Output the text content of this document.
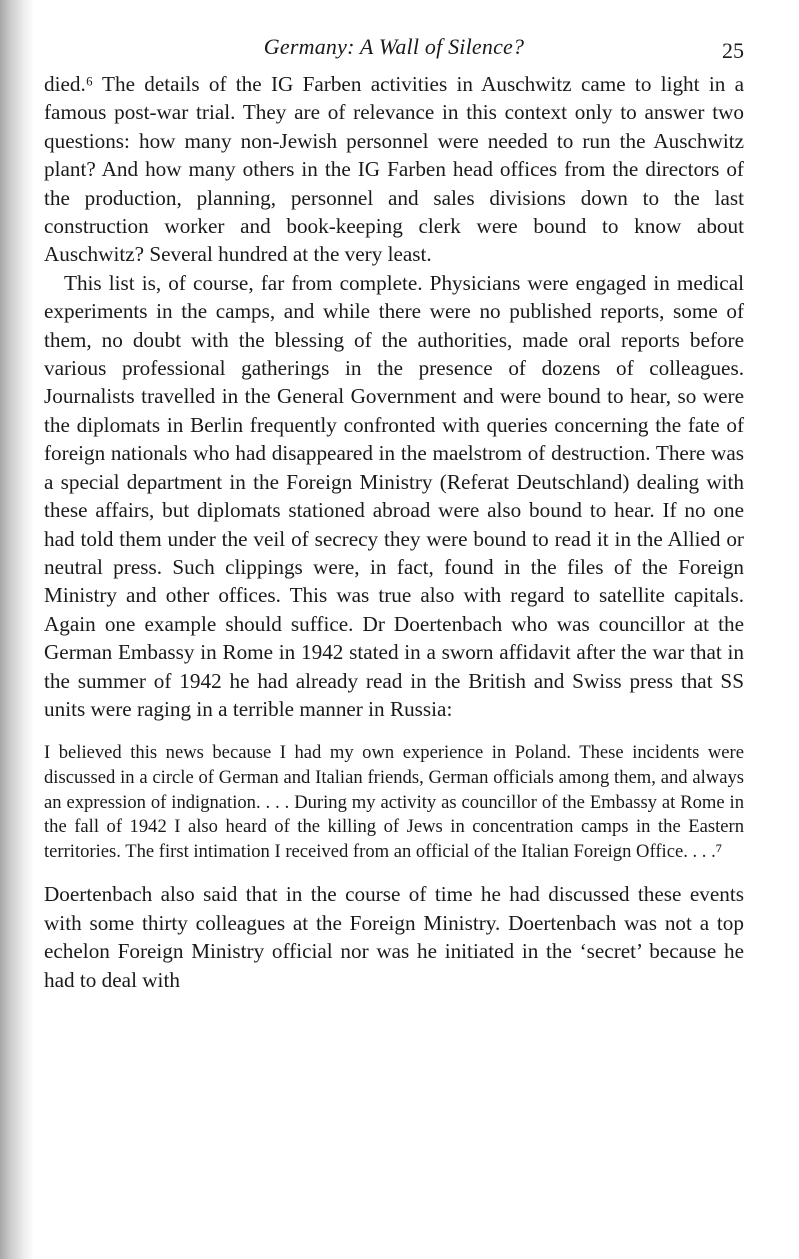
Germany: A Wall of Silence?	25

died.⁶ The details of the IG Farben activities in Auschwitz came to light in a famous post-war trial. They are of relevance in this context only to answer two questions: how many non-Jewish personnel were needed to run the Auschwitz plant? And how many others in the IG Farben head offices from the directors of the production, planning, personnel and sales divisions down to the last construction worker and book-keeping clerk were bound to know about Auschwitz? Several hundred at the very least.

This list is, of course, far from complete. Physicians were engaged in medical experiments in the camps, and while there were no published reports, some of them, no doubt with the blessing of the authorities, made oral reports before various professional gatherings in the presence of dozens of colleagues. Journalists travelled in the General Government and were bound to hear, so were the diplomats in Berlin frequently confronted with queries concerning the fate of foreign nationals who had disappeared in the maelstrom of destruction. There was a special department in the Foreign Ministry (Referat Deutschland) dealing with these affairs, but diplomats stationed abroad were also bound to hear. If no one had told them under the veil of secrecy they were bound to read it in the Allied or neutral press. Such clippings were, in fact, found in the files of the Foreign Ministry and other offices. This was true also with regard to satellite capitals. Again one example should suffice. Dr Doertenbach who was councillor at the German Embassy in Rome in 1942 stated in a sworn affidavit after the war that in the summer of 1942 he had already read in the British and Swiss press that SS units were raging in a terrible manner in Russia:

I believed this news because I had my own experience in Poland. These incidents were discussed in a circle of German and Italian friends, German officials among them, and always an expression of indignation. . . . During my activity as councillor of the Embassy at Rome in the fall of 1942 I also heard of the killing of Jews in concentration camps in the Eastern territories. The first intimation I received from an official of the Italian Foreign Office. . . .⁷

Doertenbach also said that in the course of time he had discussed these events with some thirty colleagues at the Foreign Ministry. Doertenbach was not a top echelon Foreign Ministry official nor was he initiated in the ‘secret’ because he had to deal with
